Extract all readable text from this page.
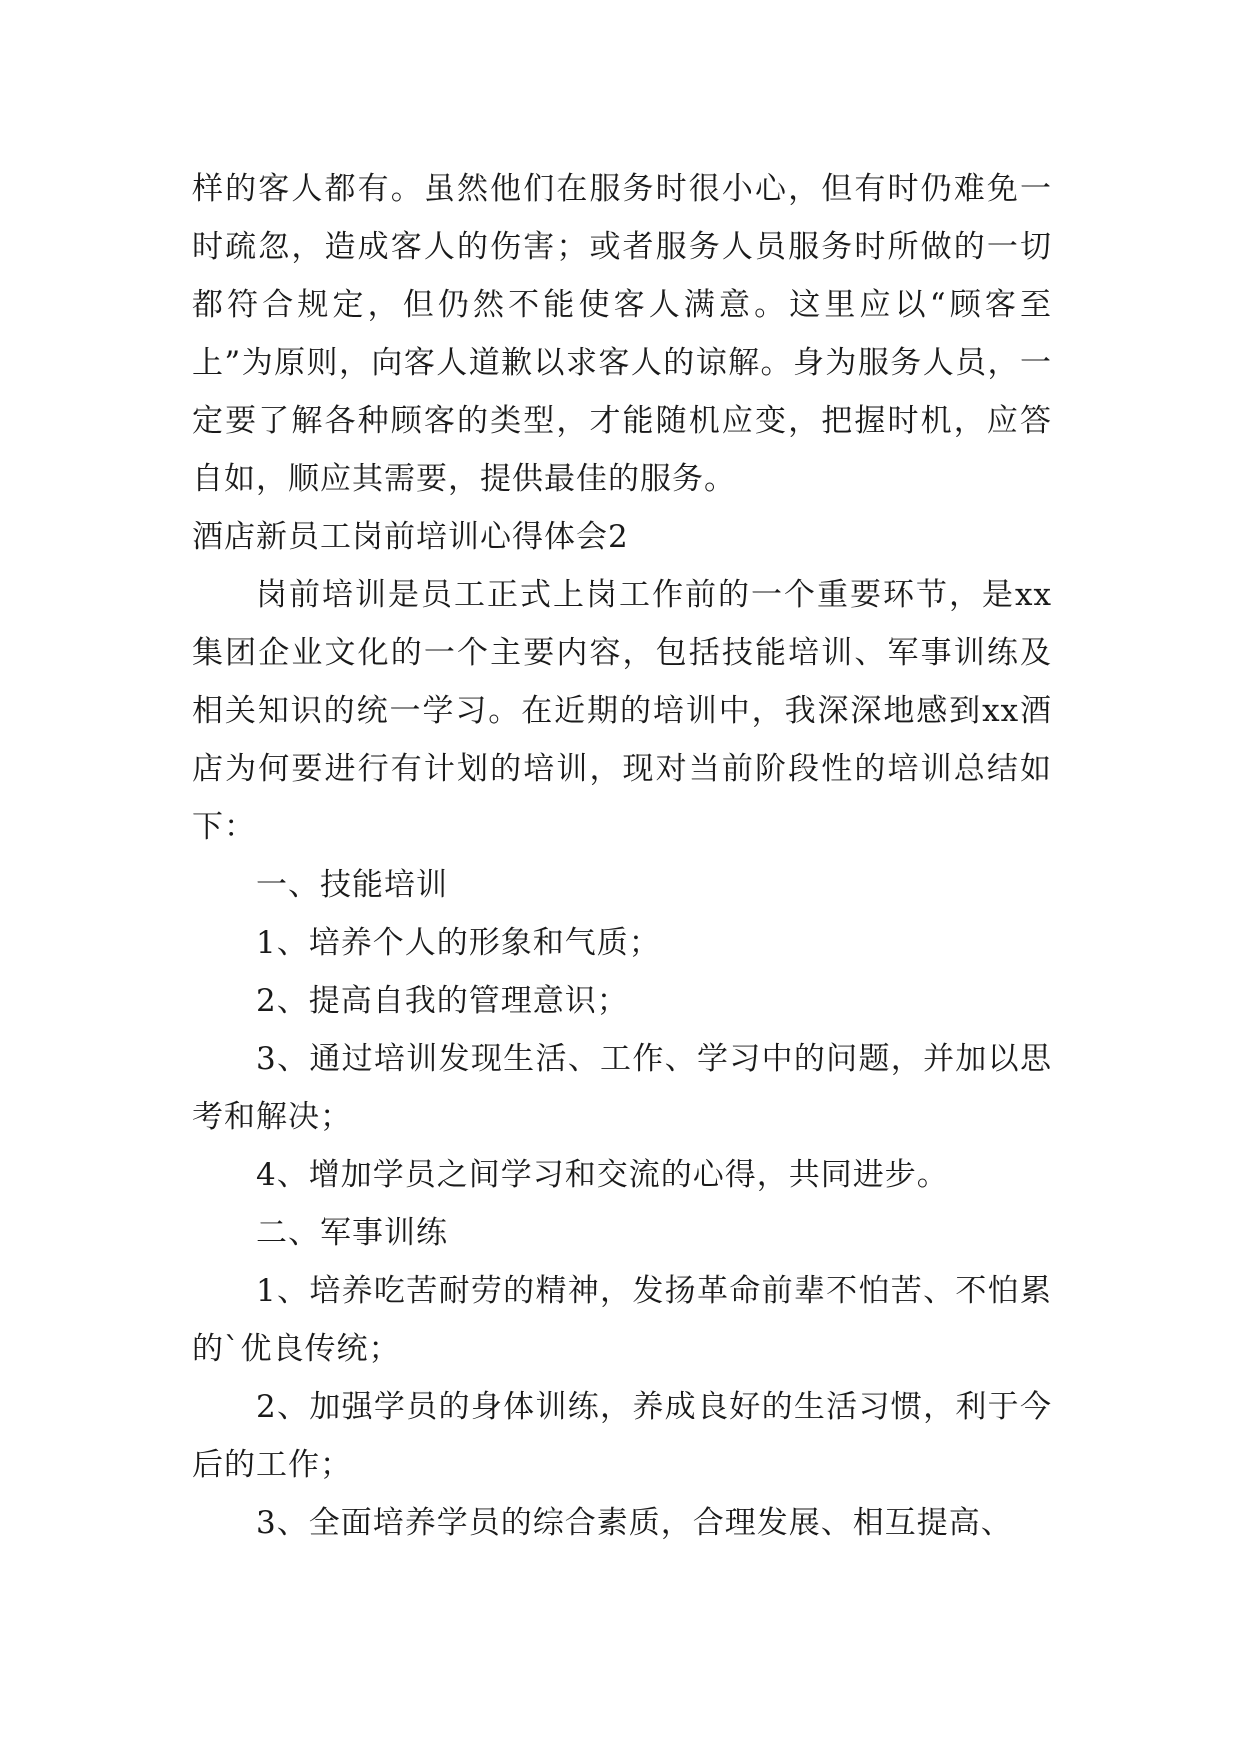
样的客人都有。虽然他们在服务时很小心，但有时仍难免一时疏忽，造成客人的伤害；或者服务人员服务时所做的一切都符合规定，但仍然不能使客人满意。这里应以“顾客至上”为原则，向客人道歉以求客人的谅解。身为服务人员，一定要了解各种顾客的类型，才能随机应变，把握时机，应答自如，顺应其需要，提供最佳的服务。

酒店新员工岗前培训心得体会2

岗前培训是员工正式上岗工作前的一个重要环节，是xx集团企业文化的一个主要内容，包括技能培训、军事训练及相关知识的统一学习。在近期的培训中，我深深地感到xx酒店为何要进行有计划的培训，现对当前阶段性的培训总结如下：

一、技能培训

1、培养个人的形象和气质；

2、提高自我的管理意识；

3、通过培训发现生活、工作、学习中的问题，并加以思考和解决；

4、增加学员之间学习和交流的心得，共同进步。

二、军事训练

1、培养吃苦耐劳的精神，发扬革命前辈不怕苦、不怕累的`优良传统；

2、加强学员的身体训练，养成良好的生活习惯，利于今后的工作；

3、全面培养学员的综合素质，合理发展、相互提高、
